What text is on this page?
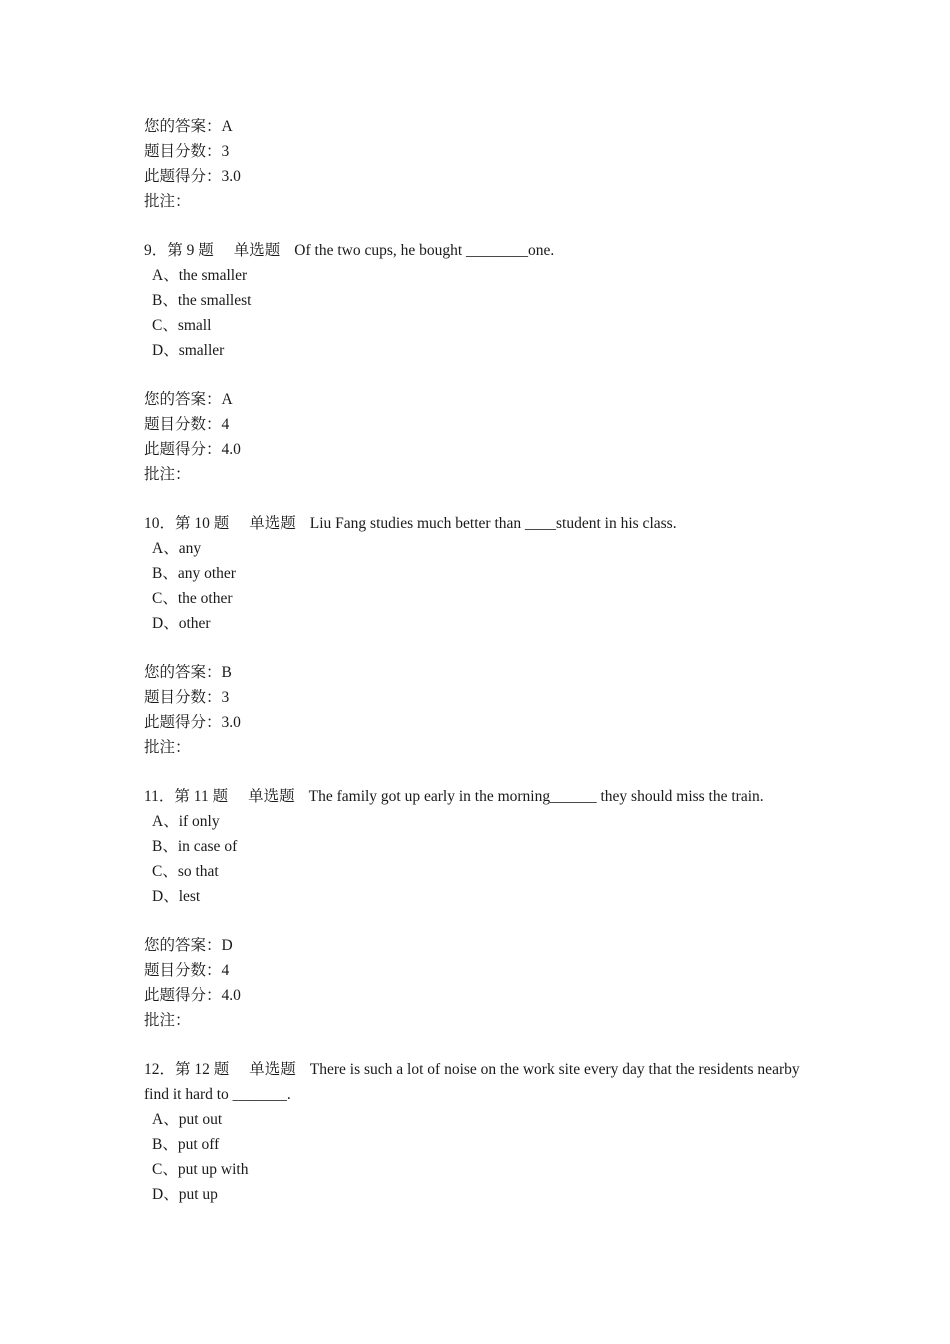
您的答案：A
题目分数：3
此题得分：3.0
批注：
9．第 9 题 单选题 Of the two cups, he bought ________one.
A、the smaller
B、the smallest
C、small
D、smaller
您的答案：A
题目分数：4
此题得分：4.0
批注：
10．第 10 题 单选题 Liu Fang studies much better than ____student in his class.
A、any
B、any other
C、the other
D、other
您的答案：B
题目分数：3
此题得分：3.0
批注：
11．第 11 题 单选题 The family got up early in the morning______ they should miss the train.
A、if only
B、in case of
C、so that
D、lest
您的答案：D
题目分数：4
此题得分：4.0
批注：
12．第 12 题 单选题 There is such a lot of noise on the work site every day that the residents nearby find it hard to _______.
A、put out
B、put off
C、put up with
D、put up
